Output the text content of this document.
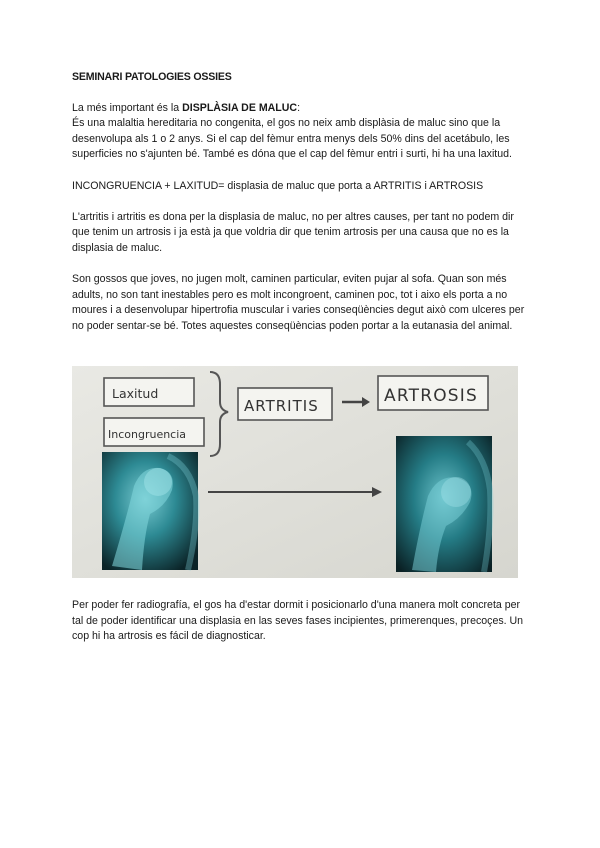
SEMINARI PATOLOGIES OSSIES

La més important és la DISPLÀSIA DE MALUC:
És una malaltia hereditaria no congenita, el gos no neix amb displàsia de maluc sino que la desenvolupa als 1 o 2 anys. Si el cap del fèmur entra menys dels 50% dins del acetábulo, les superficies no s'ajunten bé. També es dóna que el cap del fèmur entri i surti, hi ha una laxitud.

INCONGRUENCIA + LAXITUD= displasia de maluc que porta a ARTRITIS i ARTROSIS

L'artritis i artritis es dona per la displasia de maluc, no per altres causes, per tant no podem dir que tenim un artrosis i ja està ja que voldria dir que tenim artrosis per una causa que no es la displasia de maluc.

Son gossos que joves, no jugen molt, caminen particular, eviten pujar al sofa. Quan son més adults, no son tant inestables pero es molt incongroent, caminen poc, tot i aixo els porta a no moures i a desenvolupar hipertrofia muscular i varies conseqüències degut això com ulceres per no poder sentar-se bé. Totes aquestes conseqüèncias poden portar a la eutanasia del animal.

Laxitud
Incongruencia
ARTRITIS	ARTROSIS

Per poder fer radiografía, el gos ha d'estar dormit i posicionarlo d'una manera molt concreta per tal de poder identificar una displasia en las seves fases incipientes, primerenques, precoçes. Un cop hi ha artrosis es fácil de diagnosticar.
